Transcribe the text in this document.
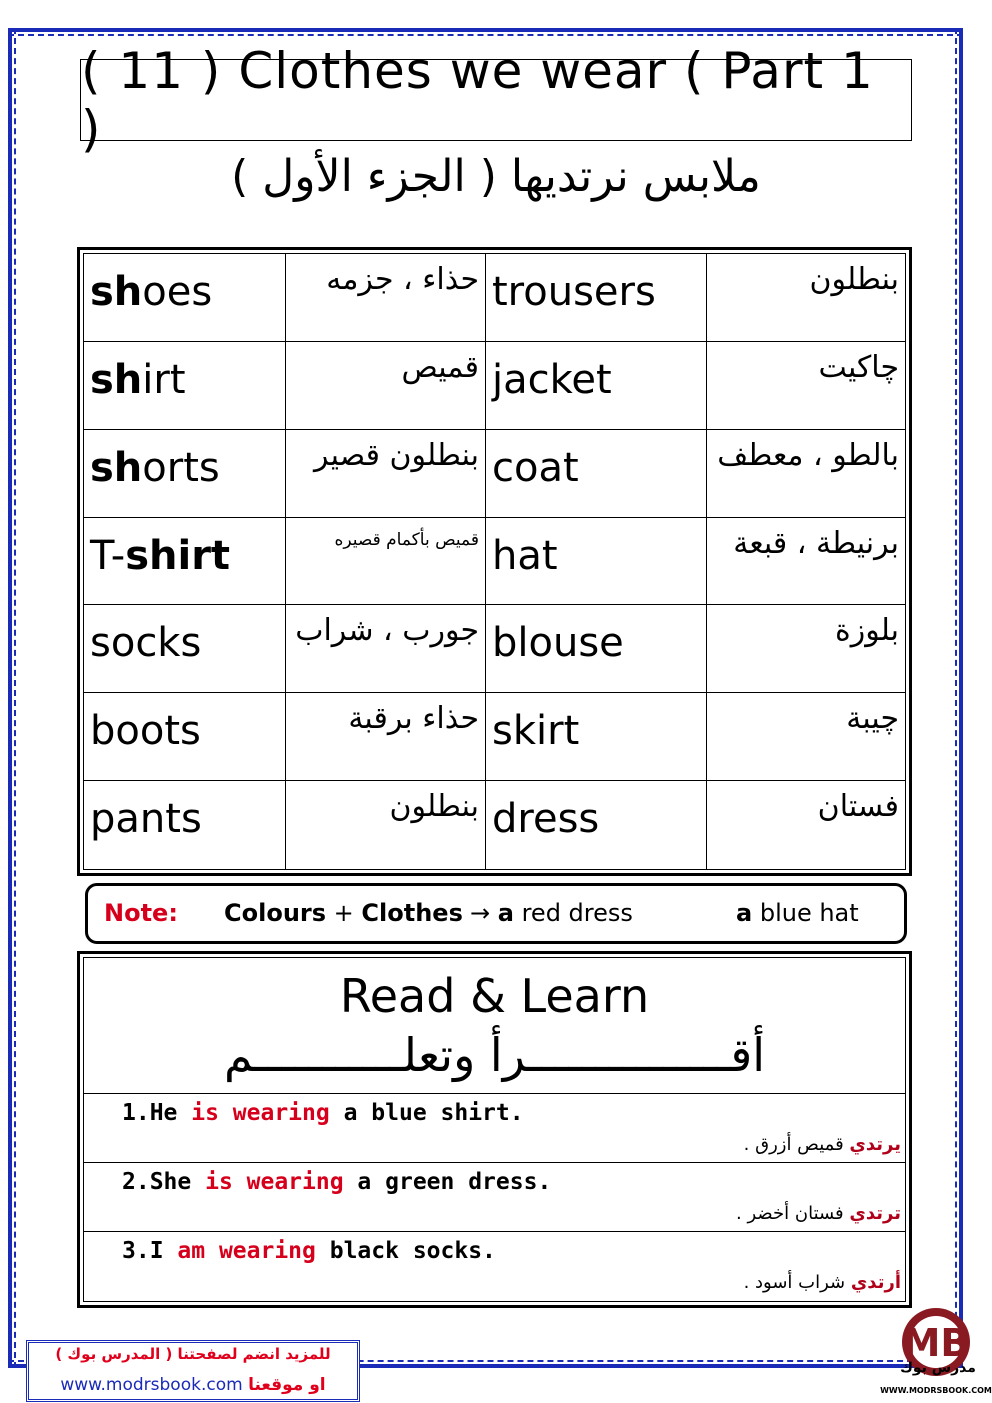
( 11 ) Clothes we wear ( Part 1 )
ملابس نرتديها ( الجزء الأول )
shoes	حذاء ، جزمه trousers	بنطلون
shirt	قميص jacket	چاكيت
shorts	بنطلون قصير coat	بالطو ، معطف
T-shirt	قميص بأكمام قصيره hat	برنيطة ، قبعة
socks	جورب ، شراب blouse	بلوزة
boots	حذاء برقبة skirt	چيبة
pants	بنطلون dress	فستان
Note: Colours + Clothes → a red dress	a blue hat
Read & Learn
أقـــــــــــــــرأ وتعلـــــــــــم
1.He is wearing a blue shirt.
يرتدي قميص أزرق .
2.She is wearing a green dress.
ترتدي فستان أخضر .
3.I am wearing black socks.
أرتدي شراب أسود .
للمزيد انضم لصفحتنا ( المدرس بوك )
www.modrsbook.com او موقعنا
MB
مدرس بوك
WWW.MODRSBOOK.COM
